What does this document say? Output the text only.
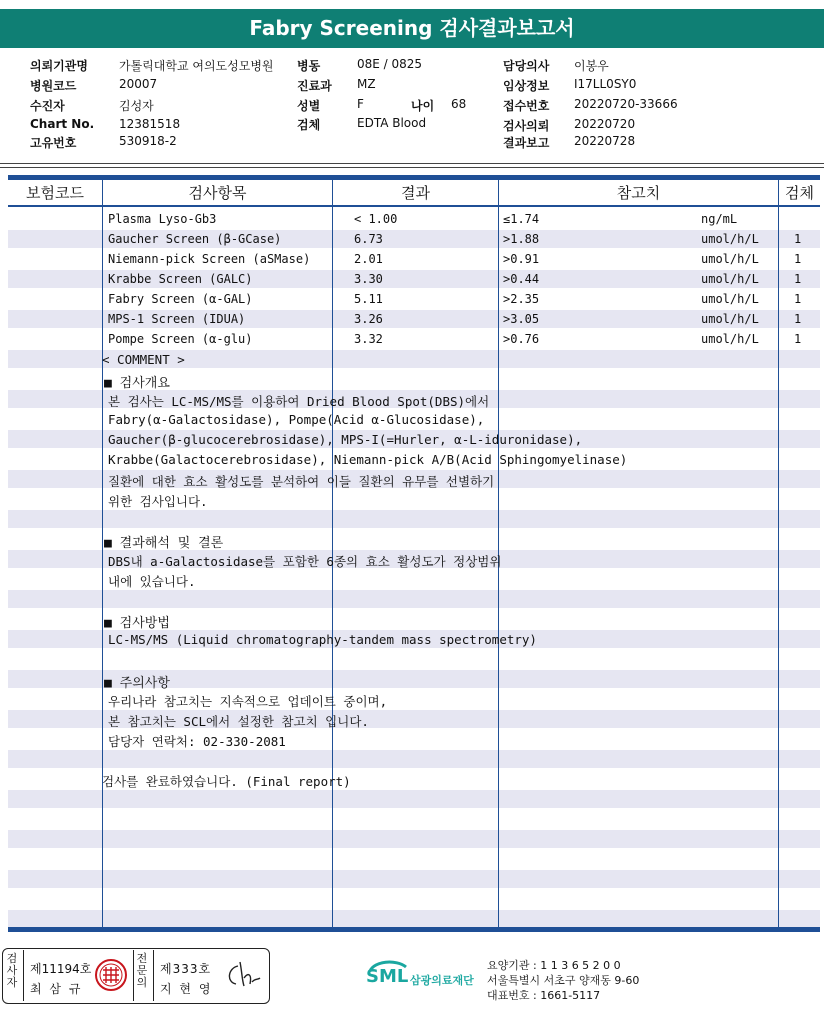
Fabry Screening 검사결과보고서
의뢰기관명	가톨릭대학교 여의도성모병원
병원코드	20007
수진자	김성자
Chart No. 12381518
고유번호	530918-2
병동	08E / 0825
진료과 MZ
성별	F	나이 68
검체	EDTA Blood
담당의사 이봉우
임상정보 I17LL0SY0
접수번호 20220720-33666
검사의뢰 20220720
결과보고 20220728
보험코드	검사항목	결과	참고치	검체
Plasma Lyso-Gb3	< 1.00	≤1.74	ng/mL
Gaucher Screen (β-GCase)	6.73	>1.88	umol/h/L	1
Niemann-pick Screen (aSMase)	2.01	>0.91	umol/h/L	1
Krabbe Screen (GALC)	3.30	>0.44	umol/h/L	1
Fabry Screen (α-GAL)	5.11	>2.35	umol/h/L	1
MPS-1 Screen (IDUA)	3.26	>3.05	umol/h/L	1
Pompe Screen (α-glu)	3.32	>0.76	umol/h/L	1
< COMMENT >
■ 검사개요
본 검사는 LC-MS/MS를 이용하여 Dried Blood Spot(DBS)에서
Fabry(α-Galactosidase), Pompe(Acid α-Glucosidase),
Gaucher(β-glucocerebrosidase), MPS-I(=Hurler, α-L-iduronidase),
Krabbe(Galactocerebrosidase), Niemann-pick A/B(Acid Sphingomyelinase)
질환에 대한 효소 활성도를 분석하여 이들 질환의 유무를 선별하기
위한 검사입니다.
■ 결과해석 및 결론
DBS내 a-Galactosidase를 포함한 6종의 효소 활성도가 정상범위
내에 있습니다.
■ 검사방법
LC-MS/MS (Liquid chromatography-tandem mass spectrometry)
■ 주의사항
우리나라 참고치는 지속적으로 업데이트 중이며,
본 참고치는 SCL에서 설정한 참고치 입니다.
담당자 연락처: 02-330-2081
검사를 완료하였습니다. (Final report)
검사자
제11194호
최 삼 규
전문의
제333호
지 현 영
SML 삼광의료재단
요양기관 : 1 1 3 6 5 2 0 0
서울특별시 서초구 양재동 9-60
대표번호 : 1661-5117
